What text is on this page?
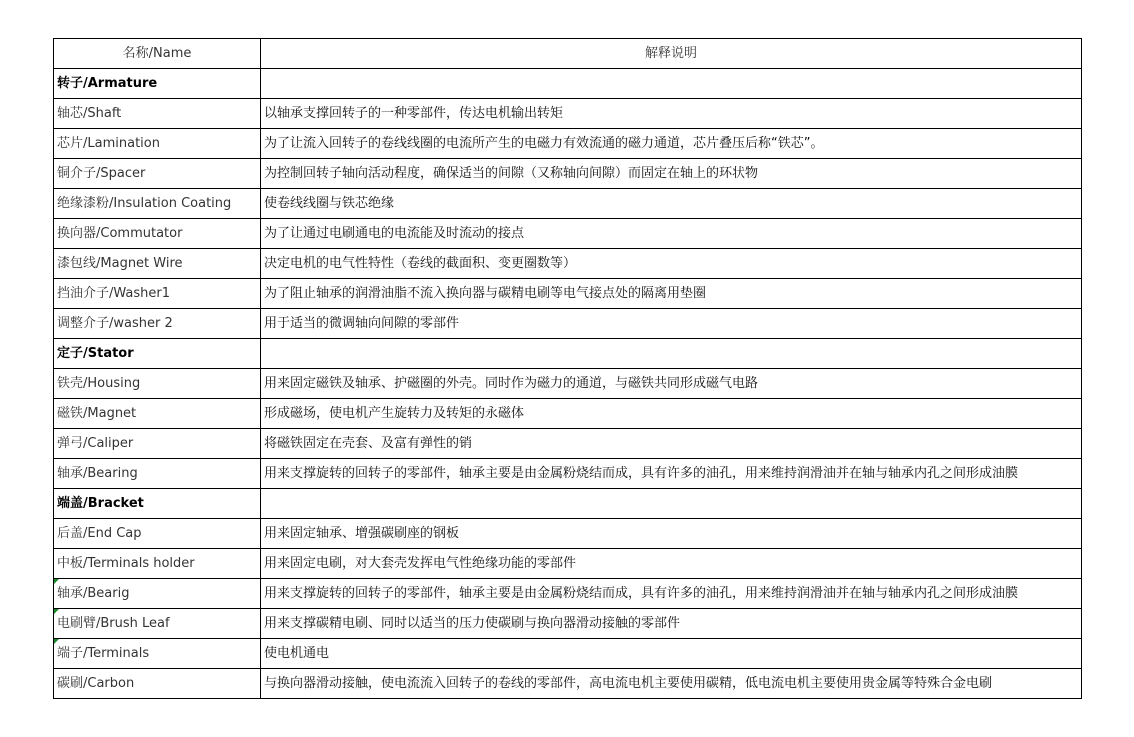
名称/Name	解释说明
转子/Armature	
轴芯/Shaft	以轴承支撑回转子的一种零部件，传达电机输出转矩
芯片/Lamination	为了让流入回转子的卷线线圈的电流所产生的电磁力有效流通的磁力通道，芯片叠压后称“铁芯”。
铜介子/Spacer	为控制回转子轴向活动程度，确保适当的间隙（又称轴向间隙）而固定在轴上的环状物
绝缘漆粉/Insulation Coating	使卷线线圈与铁芯绝缘
换向器/Commutator	为了让通过电刷通电的电流能及时流动的接点
漆包线/Magnet Wire	决定电机的电气性特性（卷线的截面积、变更圈数等）
挡油介子/Washer1	为了阻止轴承的润滑油脂不流入换向器与碳精电刷等电气接点处的隔离用垫圈
调整介子/washer 2	用于适当的微调轴向间隙的零部件
定子/Stator	
铁壳/Housing	用来固定磁铁及轴承、护磁圈的外壳。同时作为磁力的通道，与磁铁共同形成磁气电路
磁铁/Magnet	形成磁场，使电机产生旋转力及转矩的永磁体
弹弓/Caliper	将磁铁固定在壳套、及富有弹性的销
轴承/Bearing	用来支撑旋转的回转子的零部件，轴承主要是由金属粉烧结而成，具有许多的油孔，用来维持润滑油并在轴与轴承内孔之间形成油膜
端盖/Bracket	
后盖/End Cap	用来固定轴承、增强碳刷座的钢板
中板/Terminals holder	用来固定电刷，对大套壳发挥电气性绝缘功能的零部件
轴承/Bearig	用来支撑旋转的回转子的零部件，轴承主要是由金属粉烧结而成，具有许多的油孔，用来维持润滑油并在轴与轴承内孔之间形成油膜
电刷臂/Brush Leaf	用来支撑碳精电刷、同时以适当的压力使碳刷与换向器滑动接触的零部件
端子/Terminals	使电机通电
碳刷/Carbon	与换向器滑动接触，使电流流入回转子的卷线的零部件，高电流电机主要使用碳精，低电流电机主要使用贵金属等特殊合金电刷
